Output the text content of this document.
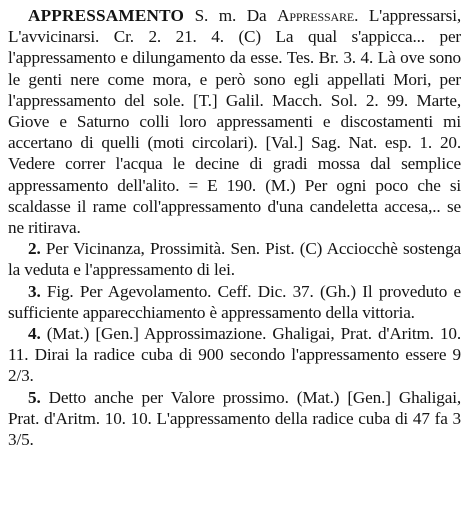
APPRESSAMENTO S. m. Da Appressare. L'appressarsi, L'avvicinarsi. Cr. 2. 21. 4. (C) La qual s'appicca... per l'appressamento e dilungamento da esse. Tes. Br. 3. 4. Là ove sono le genti nere come mora, e però sono egli appellati Mori, per l'appressamento del sole. [T.] Galil. Macch. Sol. 2. 99. Marte, Giove e Saturno colli loro appressamenti e discostamenti mi accertano di quelli (moti circolari). [Val.] Sag. Nat. esp. 1. 20. Vedere correr l'acqua le decine di gradi mossa dal semplice appressamento dell'alito. = E 190. (M.) Per ogni poco che si scaldasse il rame coll'appressamento d'una candeletta accesa,.. se ne ritirava.

2. Per Vicinanza, Prossimità. Sen. Pist. (C) Acciocchè sostenga la veduta e l'appressamento di lei.

3. Fig. Per Agevolamento. Ceff. Dic. 37. (Gh.) Il proveduto e sufficiente apparecchiamento è appressamento della vittoria.

4. (Mat.) [Gen.] Approssimazione. Ghaligai, Prat. d'Aritm. 10. 11. Dirai la radice cuba di 900 secondo l'appressamento essere 9 2/3.

5. Detto anche per Valore prossimo. (Mat.) [Gen.] Ghaligai, Prat. d'Aritm. 10. 10. L'appressamento della radice cuba di 47 fa 3 3/5.
